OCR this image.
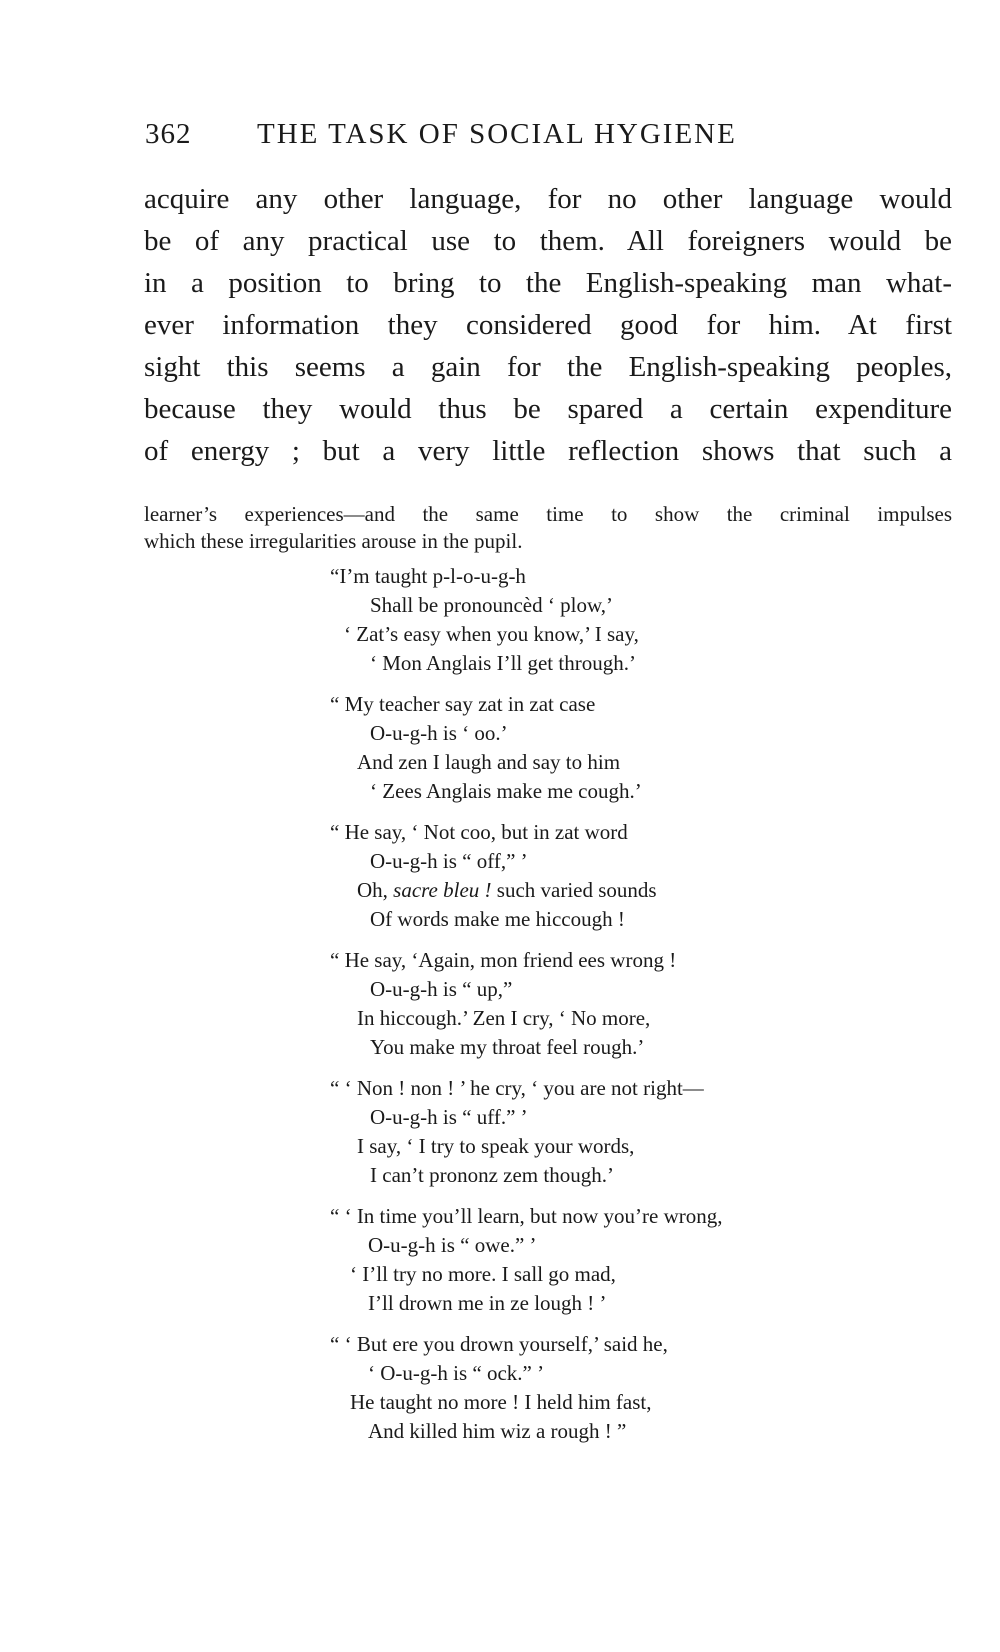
362 THE TASK OF SOCIAL HYGIENE
acquire any other language, for no other language would
be of any practical use to them. All foreigners would be
in a position to bring to the English-speaking man what-
ever information they considered good for him. At first
sight this seems a gain for the English-speaking peoples,
because they would thus be spared a certain expenditure
of energy ; but a very little reflection shows that such a
learner’s experiences—and the same time to show the criminal impulses
which these irregularities arouse in the pupil.
“I’m taught p-l-o-u-g-h
Shall be pronouncèd ‘ plow,’
‘ Zat’s easy when you know,’ I say,
‘ Mon Anglais I’ll get through.’
“ My teacher say zat in zat case
O-u-g-h is ‘ oo.’
And zen I laugh and say to him
‘ Zees Anglais make me cough.’
“ He say, ‘ Not coo, but in zat word
O-u-g-h is “ off,” ’
Oh, sacre bleu ! such varied sounds
Of words make me hiccough !
“ He say, ‘Again, mon friend ees wrong !
O-u-g-h is “ up,”
In hiccough.’ Zen I cry, ‘ No more,
You make my throat feel rough.’
“ ‘ Non ! non ! ’ he cry, ‘ you are not right—
O-u-g-h is “ uff.” ’
I say, ‘ I try to speak your words,
I can’t prononz zem though.’
“ ‘ In time you’ll learn, but now you’re wrong,
O-u-g-h is “ owe.” ’
‘ I’ll try no more. I sall go mad,
I’ll drown me in ze lough ! ’
“ ‘ But ere you drown yourself,’ said he,
‘ O-u-g-h is “ ock.” ’
He taught no more ! I held him fast,
And killed him wiz a rough ! ”
